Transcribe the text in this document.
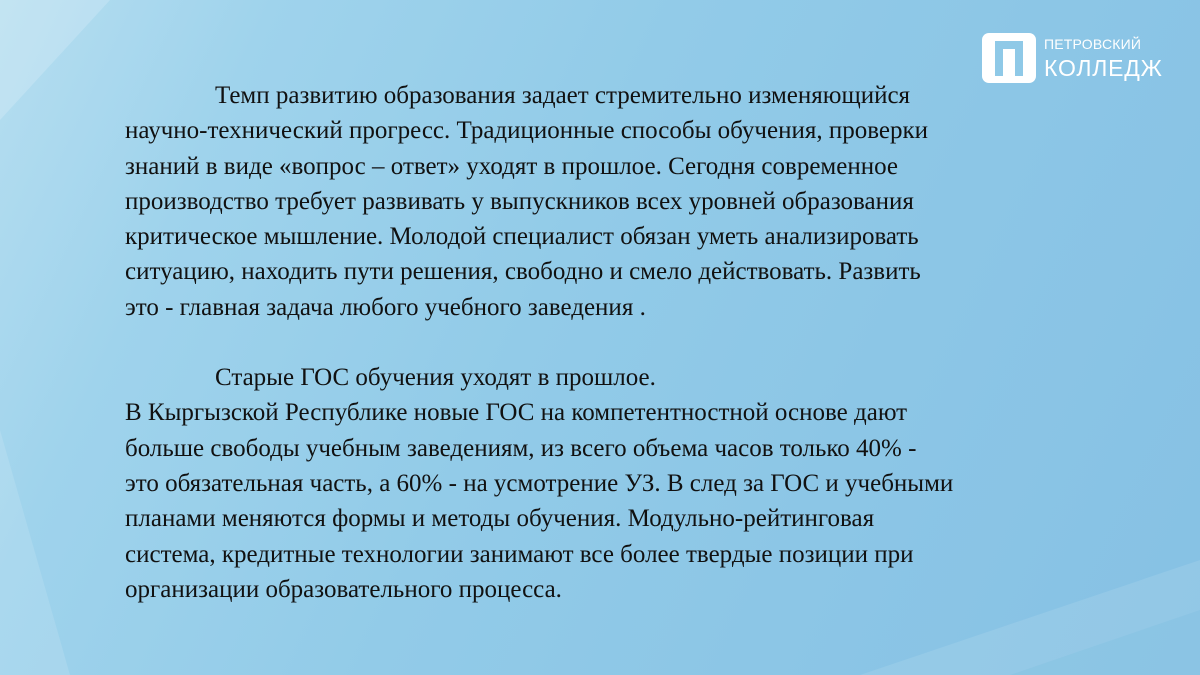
ПЕТРОВСКИЙ
КОЛЛЕДЖ

Темп развитию образования задает стремительно изменяющийся
научно-технический прогресс. Традиционные способы обучения, проверки
знаний в виде «вопрос – ответ» уходят в прошлое. Сегодня современное
производство требует развивать у выпускников всех уровней образования
критическое мышление. Молодой специалист обязан уметь анализировать
ситуацию, находить пути решения, свободно и смело действовать. Развить
это - главная задача любого учебного заведения .

Старые ГОС обучения уходят в прошлое.
В Кыргызской Республике новые ГОС на компетентностной основе дают
больше свободы учебным заведениям, из всего объема часов только 40% -
это обязательная часть, а 60% - на усмотрение УЗ. В след за ГОС и учебными
планами меняются формы и методы обучения. Модульно-рейтинговая
система, кредитные технологии занимают все более твердые позиции при
организации образовательного процесса.
